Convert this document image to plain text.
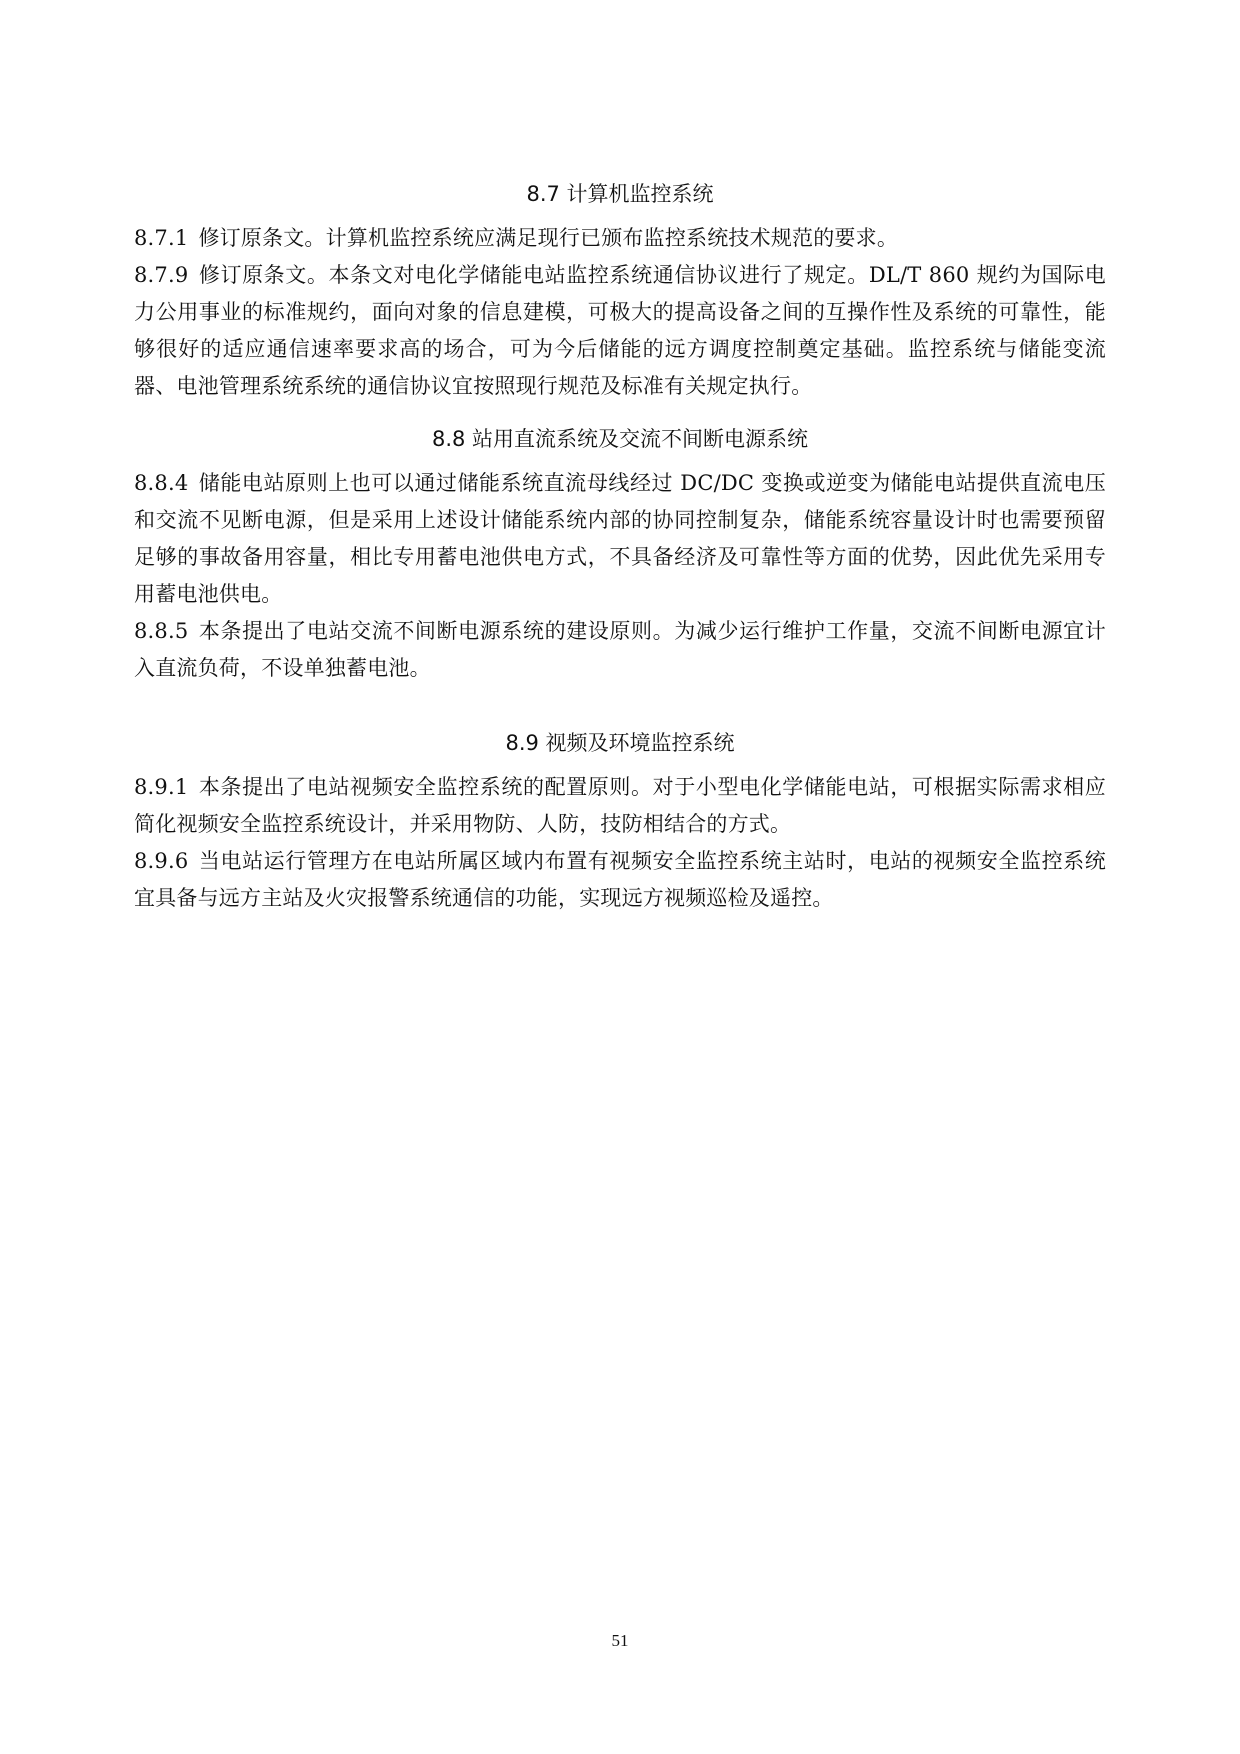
8.7 计算机监控系统

8.7.1 修订原条文。计算机监控系统应满足现行已颁布监控系统技术规范的要求。

8.7.9 修订原条文。本条文对电化学储能电站监控系统通信协议进行了规定。DL/T 860 规约为国际电力公用事业的标准规约，面向对象的信息建模，可极大的提高设备之间的互操作性及系统的可靠性，能够很好的适应通信速率要求高的场合，可为今后储能的远方调度控制奠定基础。监控系统与储能变流器、电池管理系统系统的通信协议宜按照现行规范及标准有关规定执行。

8.8 站用直流系统及交流不间断电源系统

8.8.4 储能电站原则上也可以通过储能系统直流母线经过 DC/DC 变换或逆变为储能电站提供直流电压和交流不见断电源，但是采用上述设计储能系统内部的协同控制复杂，储能系统容量设计时也需要预留足够的事故备用容量，相比专用蓄电池供电方式，不具备经济及可靠性等方面的优势，因此优先采用专用蓄电池供电。

8.8.5 本条提出了电站交流不间断电源系统的建设原则。为减少运行维护工作量，交流不间断电源宜计入直流负荷，不设单独蓄电池。

8.9 视频及环境监控系统

8.9.1 本条提出了电站视频安全监控系统的配置原则。对于小型电化学储能电站，可根据实际需求相应简化视频安全监控系统设计，并采用物防、人防，技防相结合的方式。

8.9.6 当电站运行管理方在电站所属区域内布置有视频安全监控系统主站时，电站的视频安全监控系统宜具备与远方主站及火灾报警系统通信的功能，实现远方视频巡检及遥控。

51
